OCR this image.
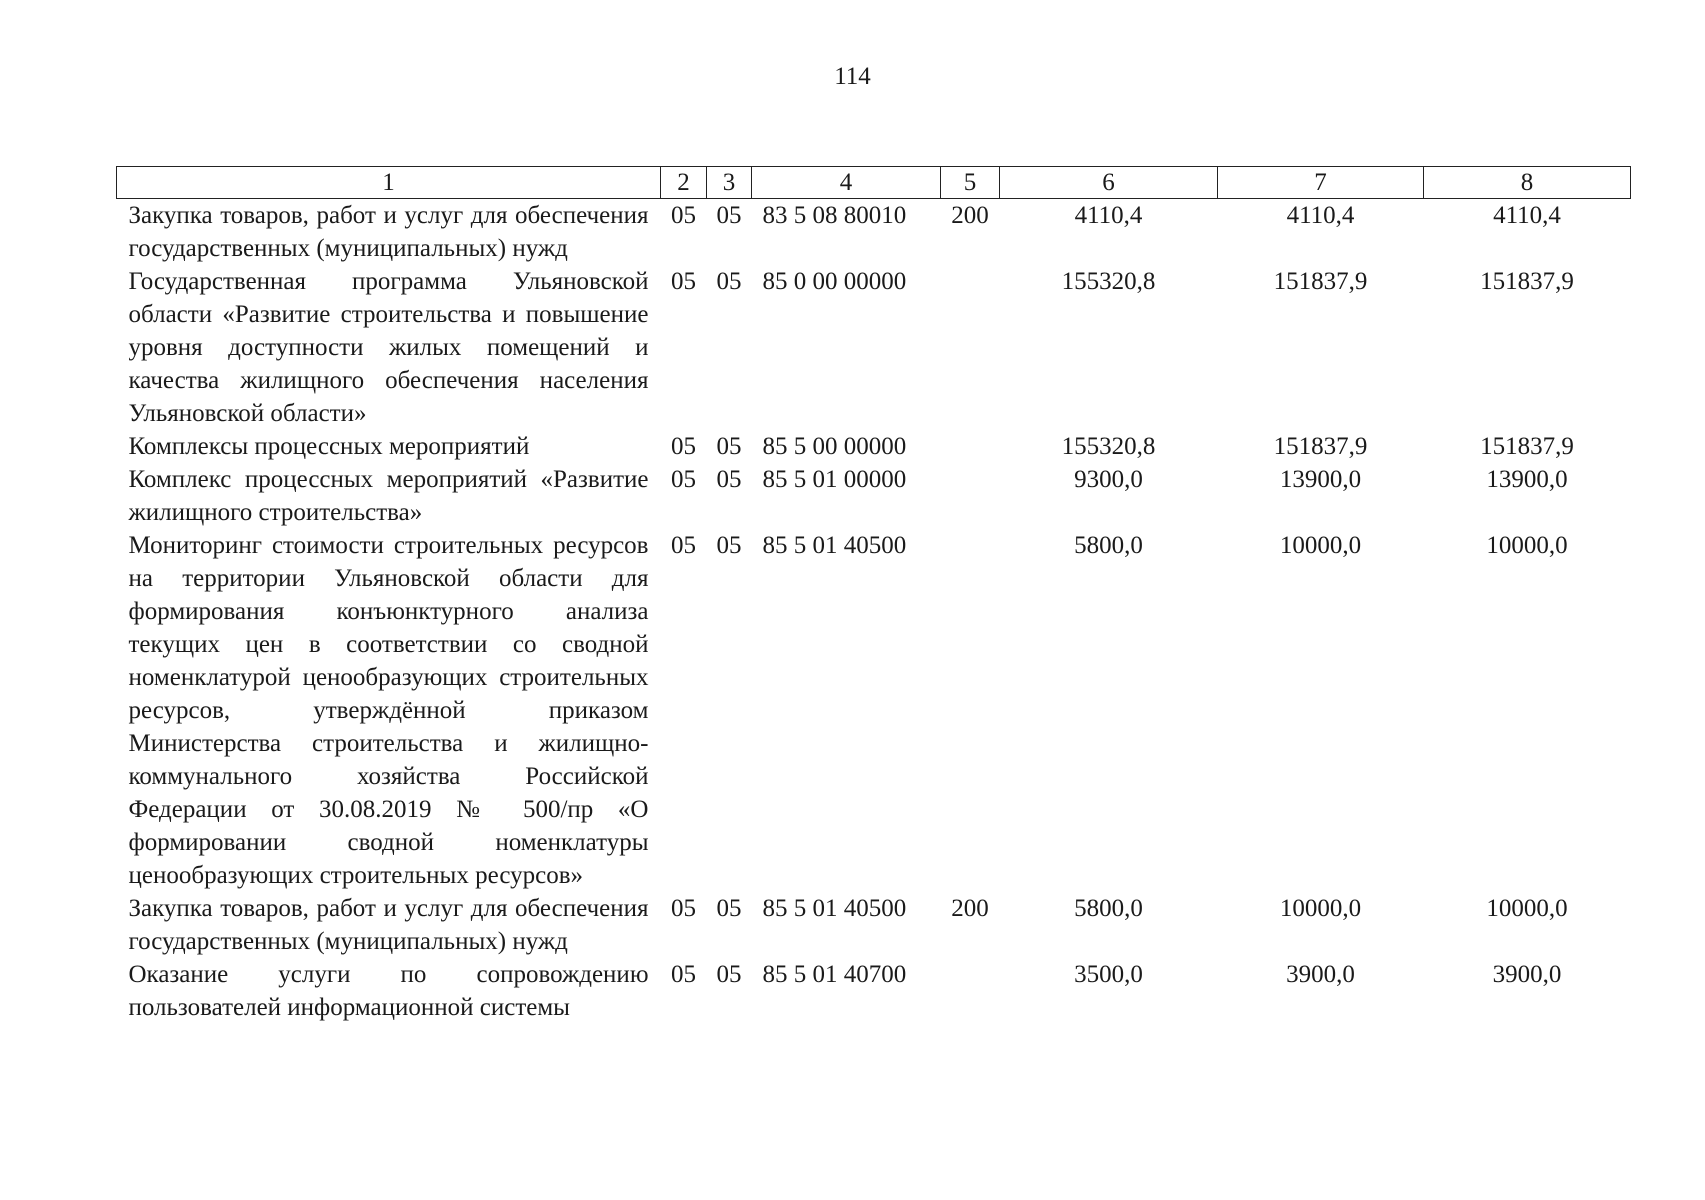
114
1	2	3	4	5	6	7	8
Закупка товаров, работ и услуг для обеспечения государственных (муниципальных) нужд	05	05	83 5 08 80010	200	4110,4	4110,4	4110,4
Государственная программа Ульяновской области «Развитие строительства и повышение уровня доступности жилых помещений и качества жилищного обеспечения населения Ульяновской области»	05	05	85 0 00 00000		155320,8	151837,9	151837,9
Комплексы процессных мероприятий	05	05	85 5 00 00000		155320,8	151837,9	151837,9
Комплекс процессных мероприятий «Развитие жилищного строительства»	05	05	85 5 01 00000		9300,0	13900,0	13900,0
Мониторинг стоимости строительных ресурсов на территории Ульяновской области для формирования конъюнктурного анализа текущих цен в соответствии со сводной номенклатурой ценообразующих строительных ресурсов, утверждённой приказом Министерства строительства и жилищно-коммунального хозяйства Российской Федерации от 30.08.2019 № 500/пр «О формировании сводной номенклатуры ценообразующих строительных ресурсов»	05	05	85 5 01 40500		5800,0	10000,0	10000,0
Закупка товаров, работ и услуг для обеспечения государственных (муниципальных) нужд	05	05	85 5 01 40500	200	5800,0	10000,0	10000,0
Оказание услуги по сопровождению пользователей информационной системы	05	05	85 5 01 40700		3500,0	3900,0	3900,0
